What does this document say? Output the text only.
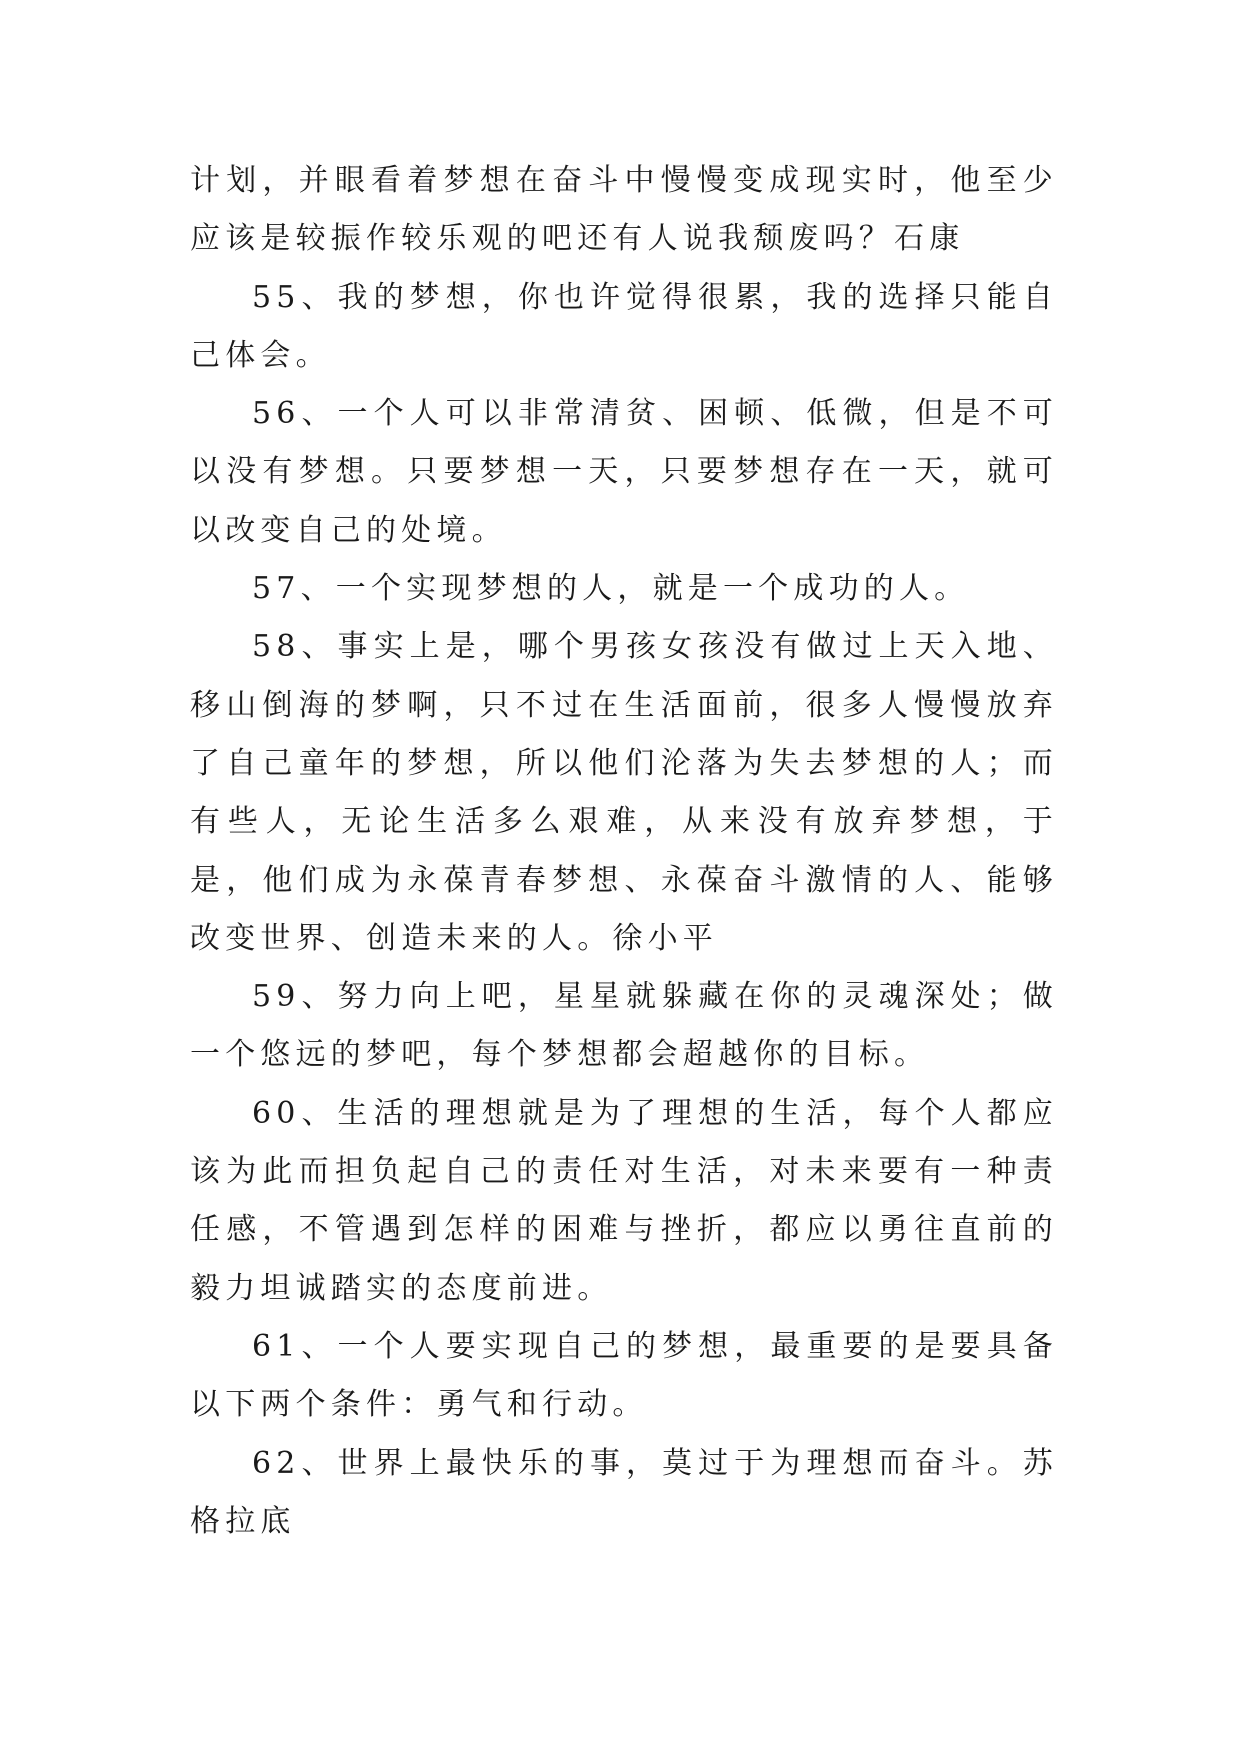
计划，并眼看着梦想在奋斗中慢慢变成现实时，他至少应该是较振作较乐观的吧还有人说我颓废吗？石康

55、我的梦想，你也许觉得很累，我的选择只能自己体会。

56、一个人可以非常清贫、困顿、低微，但是不可以没有梦想。只要梦想一天，只要梦想存在一天，就可以改变自己的处境。

57、一个实现梦想的人，就是一个成功的人。

58、事实上是，哪个男孩女孩没有做过上天入地、移山倒海的梦啊，只不过在生活面前，很多人慢慢放弃了自己童年的梦想，所以他们沦落为失去梦想的人；而有些人，无论生活多么艰难，从来没有放弃梦想，于是，他们成为永葆青春梦想、永葆奋斗激情的人、能够改变世界、创造未来的人。徐小平

59、努力向上吧，星星就躲藏在你的灵魂深处；做一个悠远的梦吧，每个梦想都会超越你的目标。

60、生活的理想就是为了理想的生活，每个人都应该为此而担负起自己的责任对生活，对未来要有一种责任感，不管遇到怎样的困难与挫折，都应以勇往直前的毅力坦诚踏实的态度前进。

61、一个人要实现自己的梦想，最重要的是要具备以下两个条件：勇气和行动。

62、世界上最快乐的事，莫过于为理想而奋斗。苏格拉底
